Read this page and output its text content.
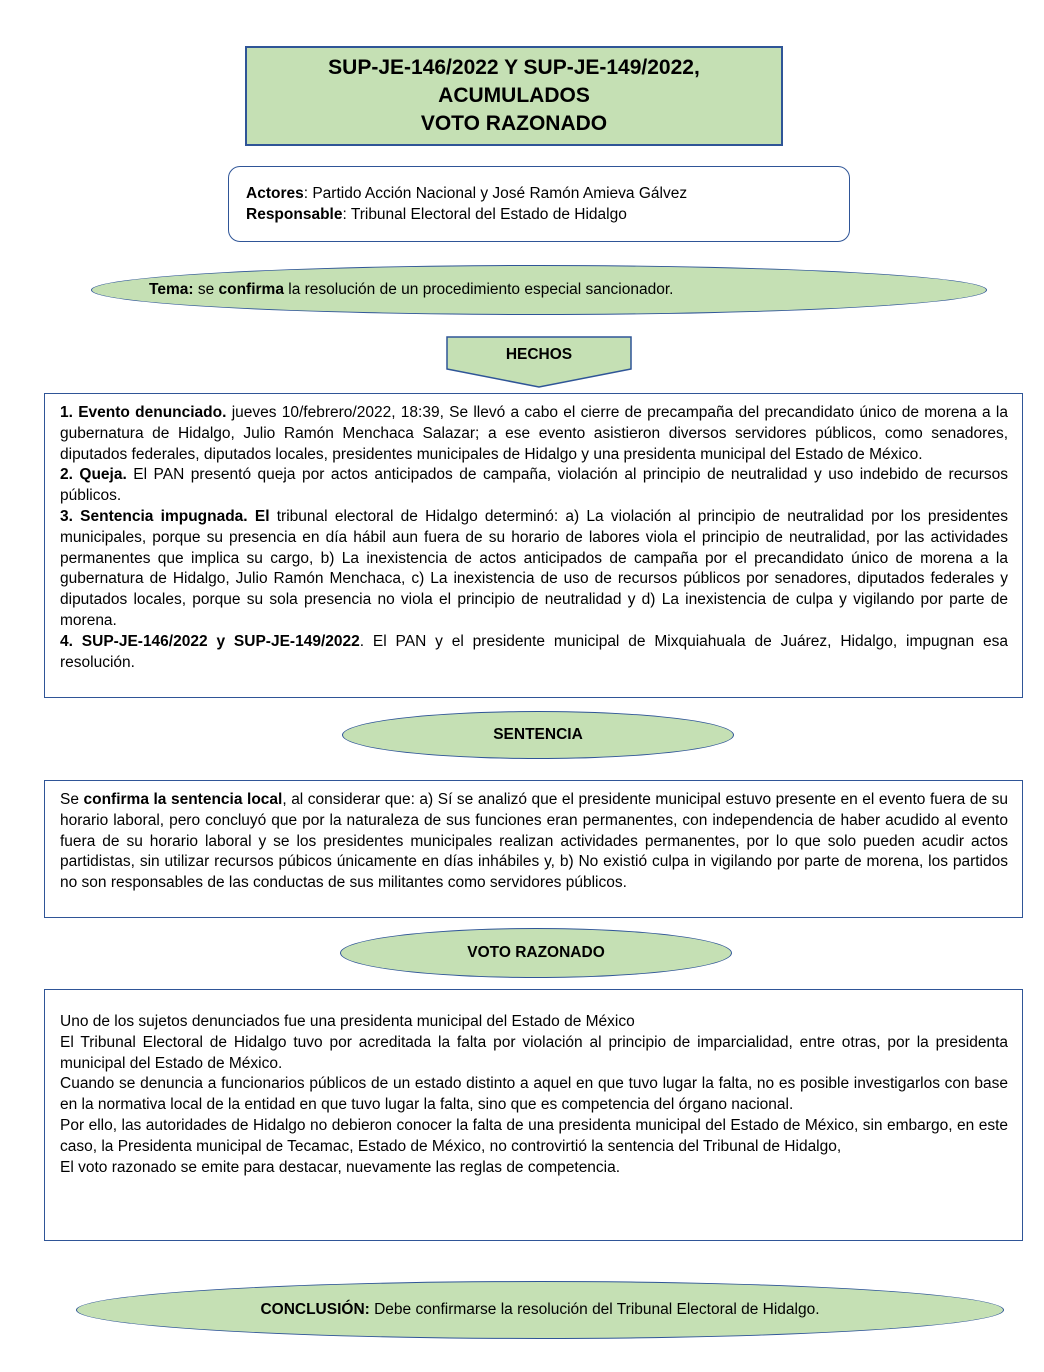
SUP-JE-146/2022 Y SUP-JE-149/2022,
ACUMULADOS
VOTO RAZONADO
Actores: Partido Acción Nacional y José Ramón Amieva Gálvez
Responsable: Tribunal Electoral del Estado de Hidalgo
Tema: se confirma la resolución de un procedimiento especial sancionador.
HECHOS

1. Evento denunciado. jueves 10/febrero/2022, 18:39, Se llevó a cabo el cierre de precampaña del precandidato único de morena a la gubernatura de Hidalgo, Julio Ramón Menchaca Salazar; a ese evento asistieron diversos servidores públicos, como senadores, diputados federales, diputados locales, presidentes municipales de Hidalgo y una presidenta municipal del Estado de México.

2. Queja. El PAN presentó queja por actos anticipados de campaña, violación al principio de neutralidad y uso indebido de recursos públicos.

3. Sentencia impugnada. El tribunal electoral de Hidalgo determinó: a) La violación al principio de neutralidad por los presidentes municipales, porque su presencia en día hábil aun fuera de su horario de labores viola el principio de neutralidad, por las actividades permanentes que implica su cargo, b) La inexistencia de actos anticipados de campaña por el precandidato único de morena a la gubernatura de Hidalgo, Julio Ramón Menchaca, c) La inexistencia de uso de recursos públicos por senadores, diputados federales y diputados locales, porque su sola presencia no viola el principio de neutralidad y d) La inexistencia de culpa y vigilando por parte de morena.

4. SUP-JE-146/2022 y SUP-JE-149/2022. El PAN y el presidente municipal de Mixquiahuala de Juárez, Hidalgo, impugnan esa resolución.

SENTENCIA

Se confirma la sentencia local, al considerar que: a) Sí se analizó que el presidente municipal estuvo presente en el evento fuera de su horario laboral, pero concluyó que por la naturaleza de sus funciones eran permanentes, con independencia de haber acudido al evento fuera de su horario laboral y se los presidentes municipales realizan actividades permanentes, por lo que solo pueden acudir actos partidistas, sin utilizar recursos púbicos únicamente en días inhábiles y, b) No existió culpa in vigilando por parte de morena, los partidos no son responsables de las conductas de sus militantes como servidores públicos.

VOTO RAZONADO

Uno de los sujetos denunciados fue una presidenta municipal del Estado de México

El Tribunal Electoral de Hidalgo tuvo por acreditada la falta por violación al principio de imparcialidad, entre otras, por la presidenta municipal del Estado de México.

Cuando se denuncia a funcionarios públicos de un estado distinto a aquel en que tuvo lugar la falta, no es posible investigarlos con base en la normativa local de la entidad en que tuvo lugar la falta, sino que es competencia del órgano nacional.

Por ello, las autoridades de Hidalgo no debieron conocer la falta de una presidenta municipal del Estado de México, sin embargo, en este caso, la Presidenta municipal de Tecamac, Estado de México, no controvirtió la sentencia del Tribunal de Hidalgo,

El voto razonado se emite para destacar, nuevamente las reglas de competencia.

CONCLUSIÓN: Debe confirmarse la resolución del Tribunal Electoral de Hidalgo.
